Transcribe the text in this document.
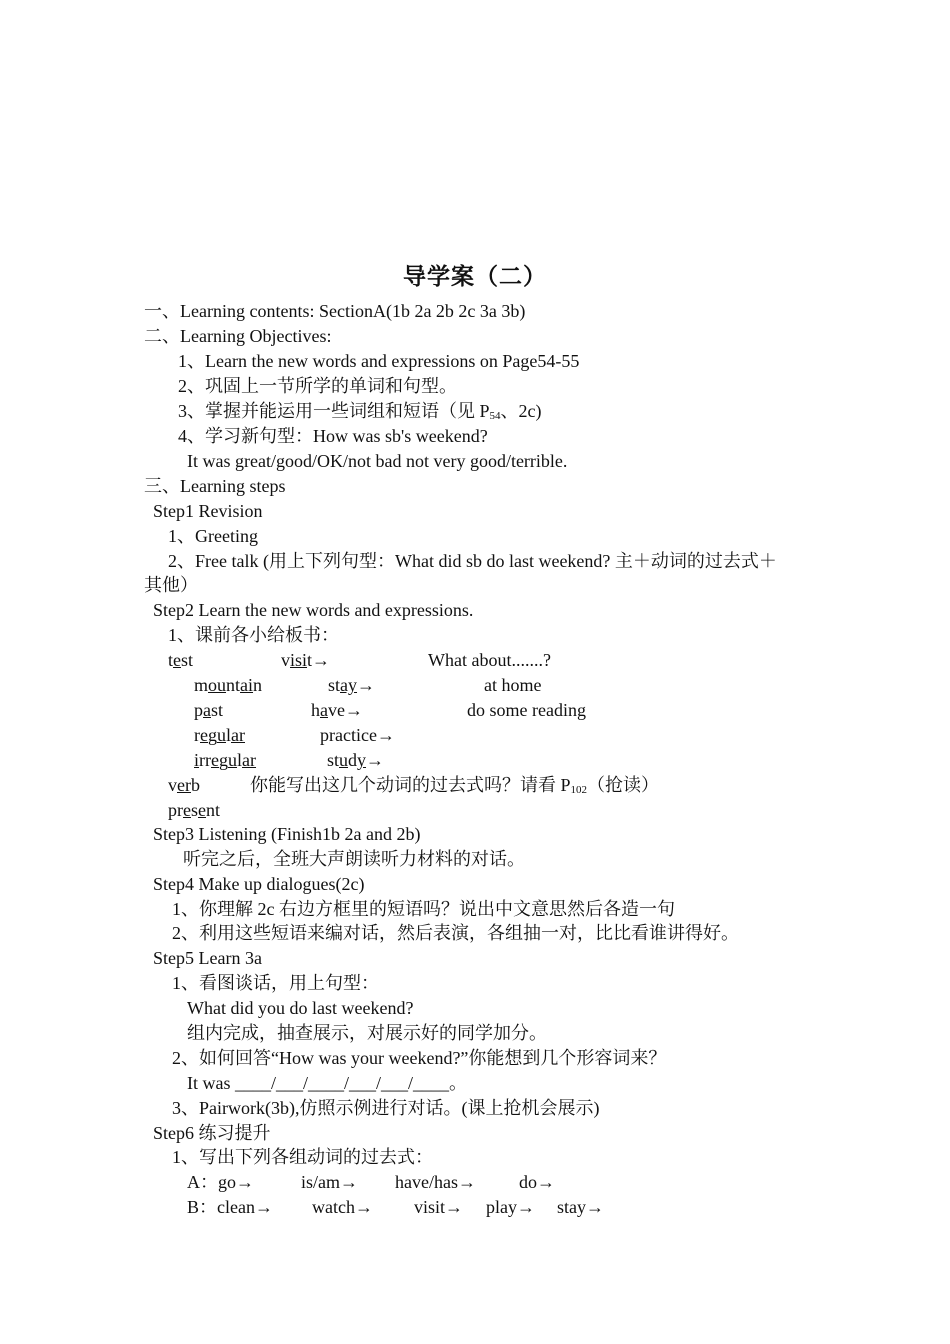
导学案（二）
一、Learning contents: SectionA(1b 2a 2b 2c 3a 3b)
二、Learning Objectives:
1、Learn the new words and expressions on Page54-55
2、巩固上一节所学的单词和句型。
3、掌握并能运用一些词组和短语（见 $P_{54}$、2c)
4、学习新句型：How was sb's weekend?
It was great/good/OK/not bad not very good/terrible.
三、Learning steps
Step1 Revision
1、Greeting
2、Free talk (用上下列句型：What did sb do last weekend? 主＋动词的过去式＋
其他）
Step2 Learn the new words and expressions.
1、课前各小给板书：
test	visit→	What about.......?
mountain	stay→	at home
past	have→	do some reading
regular	practice→
irregular	study→
verb	你能写出这几个动词的过去式吗？请看 $P_{102}$（抢读）
present
Step3 Listening (Finish1b 2a and 2b)
听完之后，全班大声朗读听力材料的对话。
Step4 Make up dialogues(2c)
1、你理解 2c 右边方框里的短语吗？说出中文意思然后各造一句
2、利用这些短语来编对话，然后表演，各组抽一对，比比看谁讲得好。
Step5 Learn 3a
1、看图谈话，用上句型：
What did you do last weekend?
组内完成，抽查展示，对展示好的同学加分。
2、如何回答“How was your weekend?”你能想到几个形容词来？
It was ____/___/____/___/___/____。
3、Pairwork(3b),仿照示例进行对话。(课上抢机会展示)
Step6 练习提升
1、写出下列各组动词的过去式：
A：go→	is/am→ have/has→ do→
B：clean→ watch→ visit→ play→ stay→
